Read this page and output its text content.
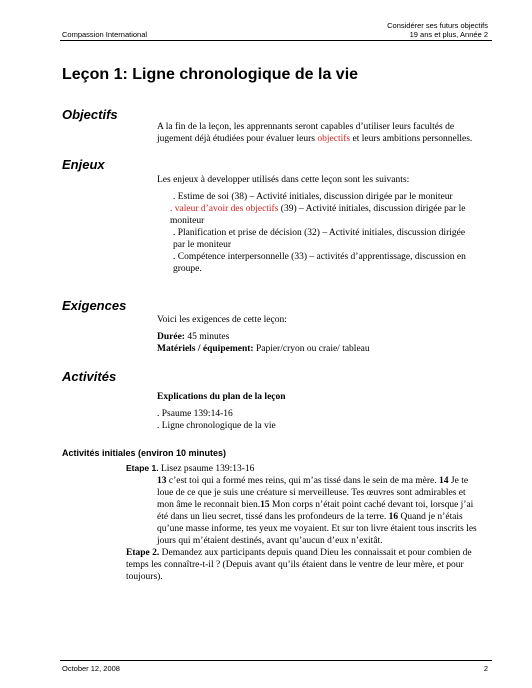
Compassion International
Considérer ses futurs objectifs
19 ans et plus, Année 2
Leçon 1: Ligne chronologique de la vie
Objectifs
A la fin de la leçon, les apprennants seront capables d’utiliser leurs facultés de jugement déjà étudiées pour évaluer leurs objectifs et leurs ambitions personnelles.
Enjeux
Les enjeux à developper utilisés dans cette leçon sont les suivants:
. Estime de soi (38) – Activité initiales, discussion dirigée par le moniteur
. valeur d’avoir des objectifs (39) – Activité initiales, discussion dirigée par le moniteur
. Planification et prise de décision (32) – Activité initiales, discussion dirigée par le moniteur
. Compétence interpersonnelle (33) – activités d’apprentissage, discussion en groupe.
Exigences
Voici les exigences de cette leçon:
Durée: 45 minutes
Matériels / équipement: Papier/cryon ou craie/ tableau
Activités
Explications du plan de la leçon
. Psaume 139:14-16
. Ligne chronologique de la vie
Activités initiales (environ 10 minutes)
Etape 1. Lisez psaume 139:13-16
13 c’est toi qui a formé mes reins, qui m’as tissé dans le sein de ma mère. 14 Je te loue de ce que je suis une créature si merveilleuse. Tes œuvres sont admirables et mon âme le reconnait bien.15 Mon corps n’était point caché devant toi, lorsque j’ai été dans un lieu secret, tissé dans les profondeurs de la terre. 16 Quand je n’étais qu’une masse informe, tes yeux me voyaient. Et sur ton livre étaient tous inscrits les jours qui m’étaient destinés, avant qu’aucun d’eux n’exitât.
Etape 2. Demandez aux participants depuis quand Dieu les connaissait et pour combien de temps les connaître-t-il ? (Depuis avant qu’ils étaient dans le ventre de leur mère, et pour toujours).
October 12, 2008	2
